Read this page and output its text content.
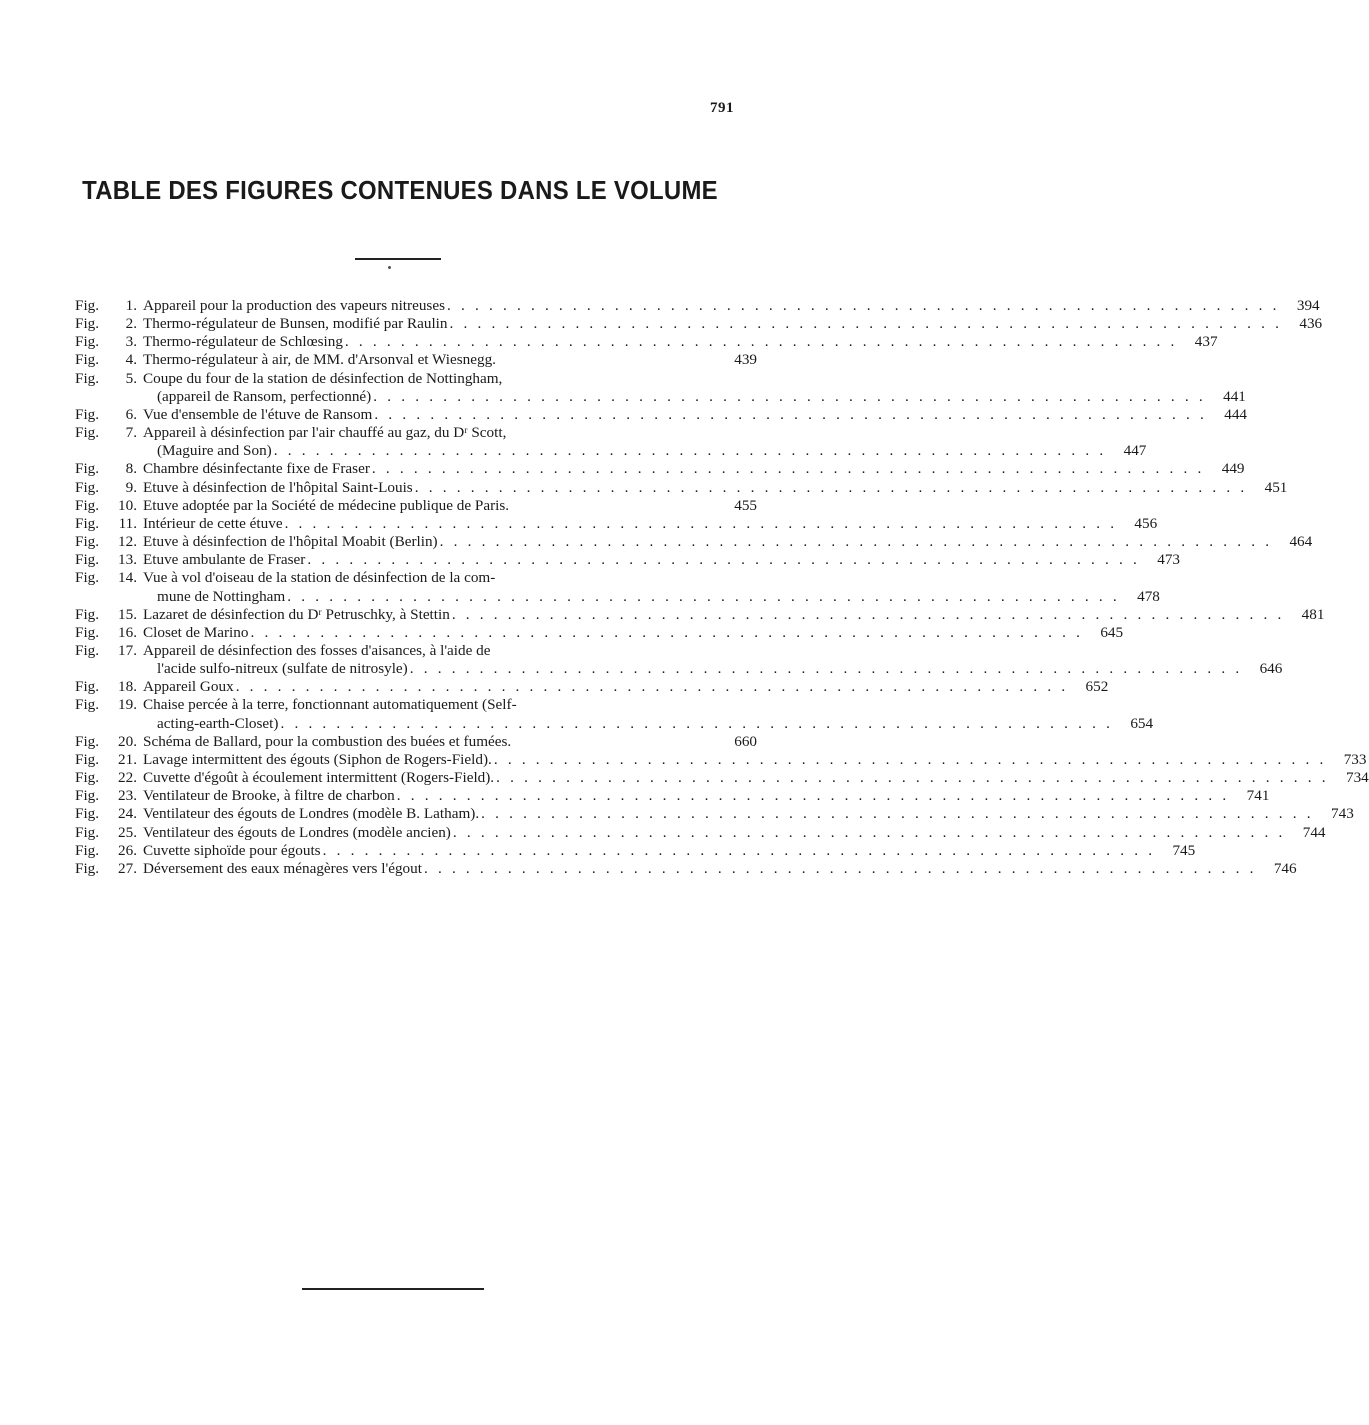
791
TABLE DES FIGURES CONTENUES DANS LE VOLUME
Fig.	1. Appareil pour la production des vapeurs nitreuses . . . . . . . . . . . . . . . . . . . . . . . . . . . . . . . . . . . . . . . . . . . . . . . . . . . . . . . . . . . .	394
Fig.	2. Thermo-régulateur de Bunsen, modifié par Raulin . . . . . . . . . . . . . . . . . . . . . . . . . . . . . . . . . . . . . . . . . . . . . . . . . . . . . . . . . . . .	436
Fig.	3. Thermo-régulateur de Schlœsing . . . . . . . . . . . . . . . . . . . . . . . . . . . . . . . . . . . . . . . . . . . . . . . . . . . . . . . . . . . .	437
Fig.	4. Thermo-régulateur à air, de MM. d'Arsonval et Wiesnegg.	439
Fig.	5. Coupe du four de la station de désinfection de Nottingham,
(appareil de Ransom, perfectionné) . . . . . . . . . . . . . . . . . . . . . . . . . . . . . . . . . . . . . . . . . . . . . . . . . . . . . . . . . . . .	441
Fig.	6. Vue d'ensemble de l'étuve de Ransom . . . . . . . . . . . . . . . . . . . . . . . . . . . . . . . . . . . . . . . . . . . . . . . . . . . . . . . . . . . .	444
Fig.	7. Appareil à désinfection par l'air chauffé au gaz, du Dʳ Scott,
(Maguire and Son) . . . . . . . . . . . . . . . . . . . . . . . . . . . . . . . . . . . . . . . . . . . . . . . . . . . . . . . . . . . .	447
Fig.	8. Chambre désinfectante fixe de Fraser . . . . . . . . . . . . . . . . . . . . . . . . . . . . . . . . . . . . . . . . . . . . . . . . . . . . . . . . . . . .	449
Fig.	9. Etuve à désinfection de l'hôpital Saint-Louis . . . . . . . . . . . . . . . . . . . . . . . . . . . . . . . . . . . . . . . . . . . . . . . . . . . . . . . . . . . .	451
Fig.	10. Etuve adoptée par la Société de médecine publique de Paris.	455
Fig.	11. Intérieur de cette étuve . . . . . . . . . . . . . . . . . . . . . . . . . . . . . . . . . . . . . . . . . . . . . . . . . . . . . . . . . . . .	456
Fig.	12. Etuve à désinfection de l'hôpital Moabit (Berlin) . . . . . . . . . . . . . . . . . . . . . . . . . . . . . . . . . . . . . . . . . . . . . . . . . . . . . . . . . . . .	464
Fig.	13. Etuve ambulante de Fraser . . . . . . . . . . . . . . . . . . . . . . . . . . . . . . . . . . . . . . . . . . . . . . . . . . . . . . . . . . . .	473
Fig.	14. Vue à vol d'oiseau de la station de désinfection de la com-
mune de Nottingham . . . . . . . . . . . . . . . . . . . . . . . . . . . . . . . . . . . . . . . . . . . . . . . . . . . . . . . . . . . .	478
Fig.	15. Lazaret de désinfection du Dʳ Petruschky, à Stettin . . . . . . . . . . . . . . . . . . . . . . . . . . . . . . . . . . . . . . . . . . . . . . . . . . . . . . . . . . . .	481
Fig.	16. Closet de Marino . . . . . . . . . . . . . . . . . . . . . . . . . . . . . . . . . . . . . . . . . . . . . . . . . . . . . . . . . . . .	645
Fig.	17. Appareil de désinfection des fosses d'aisances, à l'aide de
l'acide sulfo-nitreux (sulfate de nitrosyle) . . . . . . . . . . . . . . . . . . . . . . . . . . . . . . . . . . . . . . . . . . . . . . . . . . . . . . . . . . . .	646
Fig.	18. Appareil Goux . . . . . . . . . . . . . . . . . . . . . . . . . . . . . . . . . . . . . . . . . . . . . . . . . . . . . . . . . . . .	652
Fig.	19. Chaise percée à la terre, fonctionnant automatiquement (Self-
acting-earth-Closet) . . . . . . . . . . . . . . . . . . . . . . . . . . . . . . . . . . . . . . . . . . . . . . . . . . . . . . . . . . . .	654
Fig.	20. Schéma de Ballard, pour la combustion des buées et fumées.	660
Fig.	21. Lavage intermittent des égouts (Siphon de Rogers-Field). . . . . . . . . . . . . . . . . . . . . . . . . . . . . . . . . . . . . . . . . . . . . . . . . . . . . . . . . . . . .	733
Fig.	22. Cuvette d'égoût à écoulement intermittent (Rogers-Field). . . . . . . . . . . . . . . . . . . . . . . . . . . . . . . . . . . . . . . . . . . . . . . . . . . . . . . . . . . . .	734
Fig.	23. Ventilateur de Brooke, à filtre de charbon . . . . . . . . . . . . . . . . . . . . . . . . . . . . . . . . . . . . . . . . . . . . . . . . . . . . . . . . . . . .	741
Fig.	24. Ventilateur des égouts de Londres (modèle B. Latham). . . . . . . . . . . . . . . . . . . . . . . . . . . . . . . . . . . . . . . . . . . . . . . . . . . . . . . . . . . . .	743
Fig.	25. Ventilateur des égouts de Londres (modèle ancien) . . . . . . . . . . . . . . . . . . . . . . . . . . . . . . . . . . . . . . . . . . . . . . . . . . . . . . . . . . . .	744
Fig.	26. Cuvette siphoïde pour égouts . . . . . . . . . . . . . . . . . . . . . . . . . . . . . . . . . . . . . . . . . . . . . . . . . . . . . . . . . . . .	745
Fig.	27. Déversement des eaux ménagères vers l'égout . . . . . . . . . . . . . . . . . . . . . . . . . . . . . . . . . . . . . . . . . . . . . . . . . . . . . . . . . . . .	746
